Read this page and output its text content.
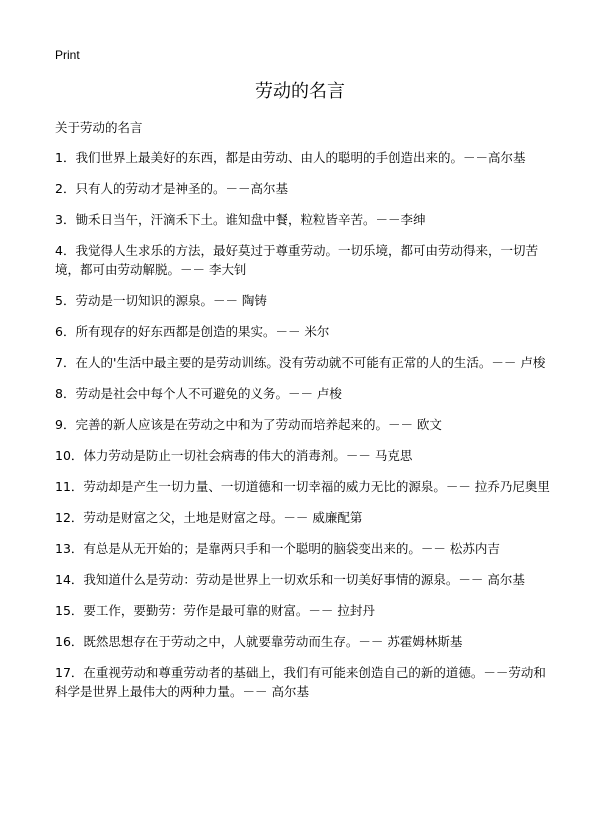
Print
劳动的名言
关于劳动的名言
1．我们世界上最美好的东西，都是由劳动、由人的聪明的手创造出来的。－－高尔基
2．只有人的劳动才是神圣的。－－高尔基
3．锄禾日当午，汗滴禾下土。谁知盘中餐，粒粒皆辛苦。－－李绅
4．我觉得人生求乐的方法，最好莫过于尊重劳动。一切乐境，都可由劳动得来，一切苦境，都可由劳动解脱。－－ 李大钊
5．劳动是一切知识的源泉。－－ 陶铸
6．所有现存的好东西都是创造的果实。－－ 米尔
7．在人的'生活中最主要的是劳动训练。没有劳动就不可能有正常的人的生活。－－ 卢梭
8．劳动是社会中每个人不可避免的义务。－－ 卢梭
9．完善的新人应该是在劳动之中和为了劳动而培养起来的。－－ 欧文
10．体力劳动是防止一切社会病毒的伟大的消毒剂。－－ 马克思
11．劳动却是产生一切力量、一切道德和一切幸福的威力无比的源泉。－－ 拉乔乃尼奥里
12．劳动是财富之父，土地是财富之母。－－ 威廉配第
13．有总是从无开始的；是靠两只手和一个聪明的脑袋变出来的。－－ 松苏内吉
14．我知道什么是劳动：劳动是世界上一切欢乐和一切美好事情的源泉。－－ 高尔基
15．要工作，要勤劳：劳作是最可靠的财富。－－ 拉封丹
16．既然思想存在于劳动之中，人就要靠劳动而生存。－－ 苏霍姆林斯基
17．在重视劳动和尊重劳动者的基础上，我们有可能来创造自己的新的道德。－－劳动和科学是世界上最伟大的两种力量。－－ 高尔基
